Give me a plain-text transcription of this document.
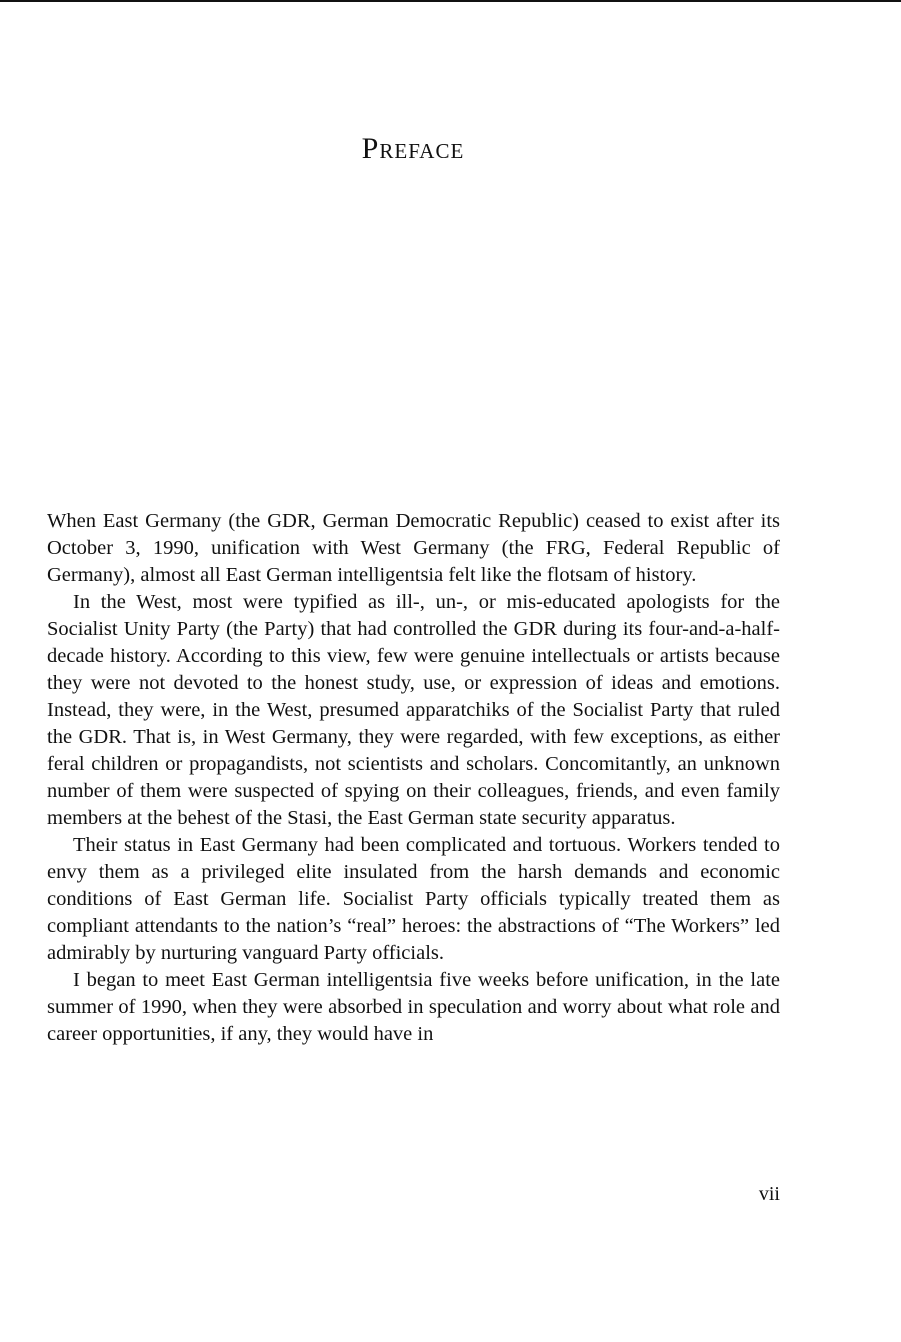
Preface

When East Germany (the GDR, German Democratic Republic) ceased to exist after its October 3, 1990, unification with West Germany (the FRG, Federal Republic of Germany), almost all East German intelligentsia felt like the flotsam of history.

In the West, most were typified as ill-, un-, or mis-educated apologists for the Socialist Unity Party (the Party) that had controlled the GDR during its four-and-a-half-decade history. According to this view, few were genuine intellectuals or artists because they were not devoted to the honest study, use, or expression of ideas and emotions. Instead, they were, in the West, presumed apparatchiks of the Socialist Party that ruled the GDR. That is, in West Germany, they were regarded, with few exceptions, as either feral children or propagandists, not scientists and scholars. Concomitantly, an unknown number of them were suspected of spying on their colleagues, friends, and even family members at the behest of the Stasi, the East German state security apparatus.

Their status in East Germany had been complicated and tortuous. Workers tended to envy them as a privileged elite insulated from the harsh demands and economic conditions of East German life. Socialist Party officials typically treated them as compliant attendants to the nation’s “real” heroes: the abstractions of “The Workers” led admirably by nurturing vanguard Party officials.

I began to meet East German intelligentsia five weeks before unification, in the late summer of 1990, when they were absorbed in speculation and worry about what role and career opportunities, if any, they would have in

vii
